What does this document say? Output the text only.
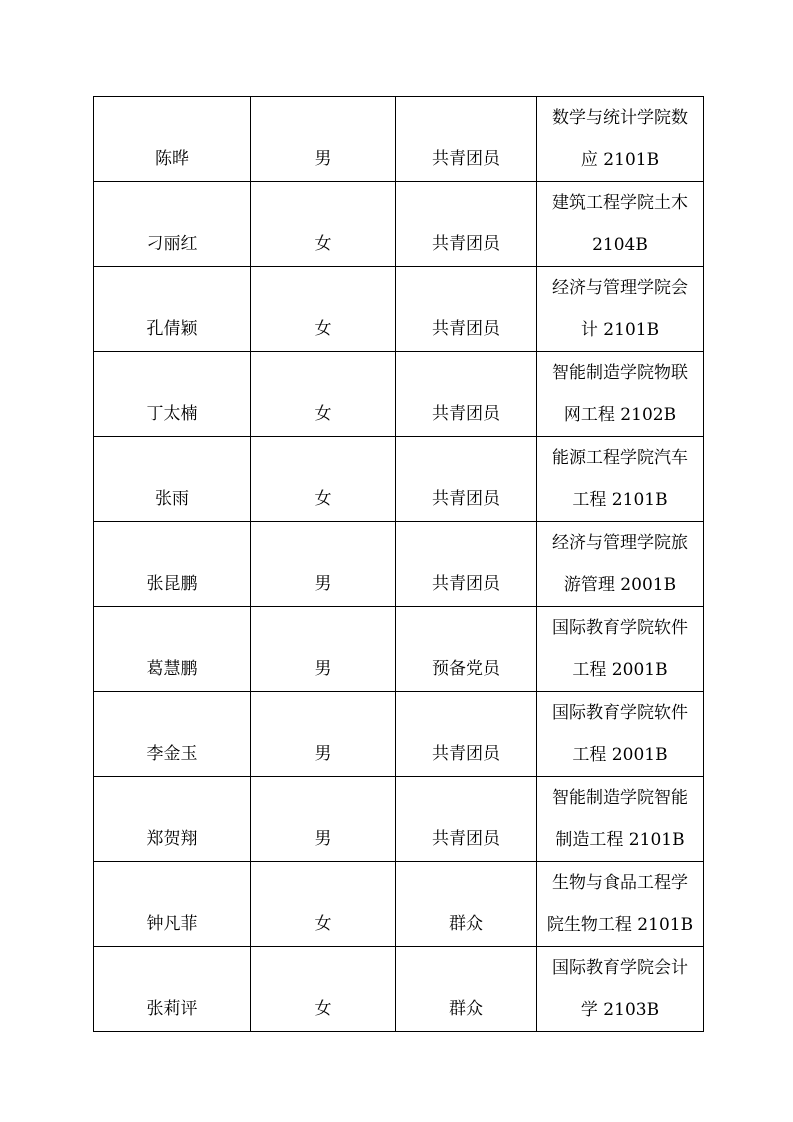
陈晔	男	共青团员	数学与统计学院数
应 2101B

刁丽红	女	共青团员	建筑工程学院土木
2104B

孔倩颖	女	共青团员	经济与管理学院会
计 2101B

丁太楠	女	共青团员	智能制造学院物联
网工程 2102B

张雨	女	共青团员	能源工程学院汽车
工程 2101B

张昆鹏	男	共青团员	经济与管理学院旅
游管理 2001B

葛慧鹏	男	预备党员	国际教育学院软件
工程 2001B

李金玉	男	共青团员	国际教育学院软件
工程 2001B

郑贺翔	男	共青团员	智能制造学院智能
制造工程 2101B

钟凡菲	女	群众	生物与食品工程学
院生物工程 2101B

张莉评	女	群众	国际教育学院会计
学 2103B
